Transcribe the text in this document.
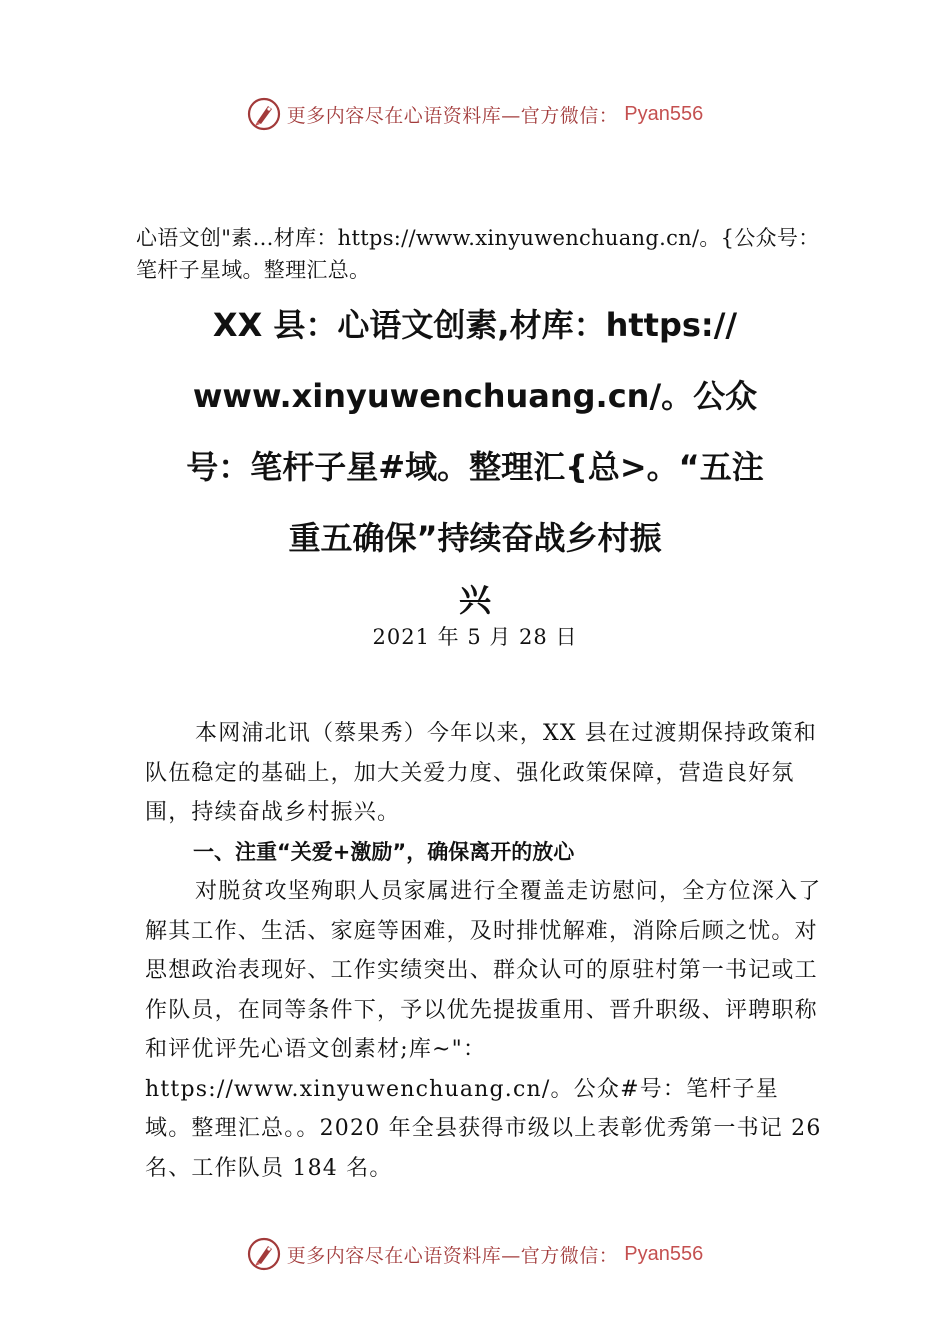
更多内容尽在心语资料库—官方微信： Pyan556

心语文创"素…材库：https://www.xinyuwenchuang.cn/。{公众号：笔杆子星域。整理汇总。

XX 县：心语文创素,材库：https://
www.xinyuwenchuang.cn/。公众
号：笔杆子星#域。整理汇{总>。“五注
重五确保”持续奋战乡村振
兴
2021 年 5 月 28 日

本网浦北讯（蔡果秀）今年以来，XX 县在过渡期保持政策和队伍稳定的基础上，加大关爱力度、强化政策保障，营造良好氛围，持续奋战乡村振兴。

一、注重“关爱+激励”，确保离开的放心

对脱贫攻坚殉职人员家属进行全覆盖走访慰问，全方位深入了解其工作、生活、家庭等困难，及时排忧解难，消除后顾之忧。对思想政治表现好、工作实绩突出、群众认可的原驻村第一书记或工作队员，在同等条件下，予以优先提拔重用、晋升职级、评聘职称和评优评先心语文创素材;库~"：https://www.xinyuwenchuang.cn/。公众#号：笔杆子星域。整理汇总。。2020 年全县获得市级以上表彰优秀第一书记 26 名、工作队员 184 名。

更多内容尽在心语资料库—官方微信： Pyan556
